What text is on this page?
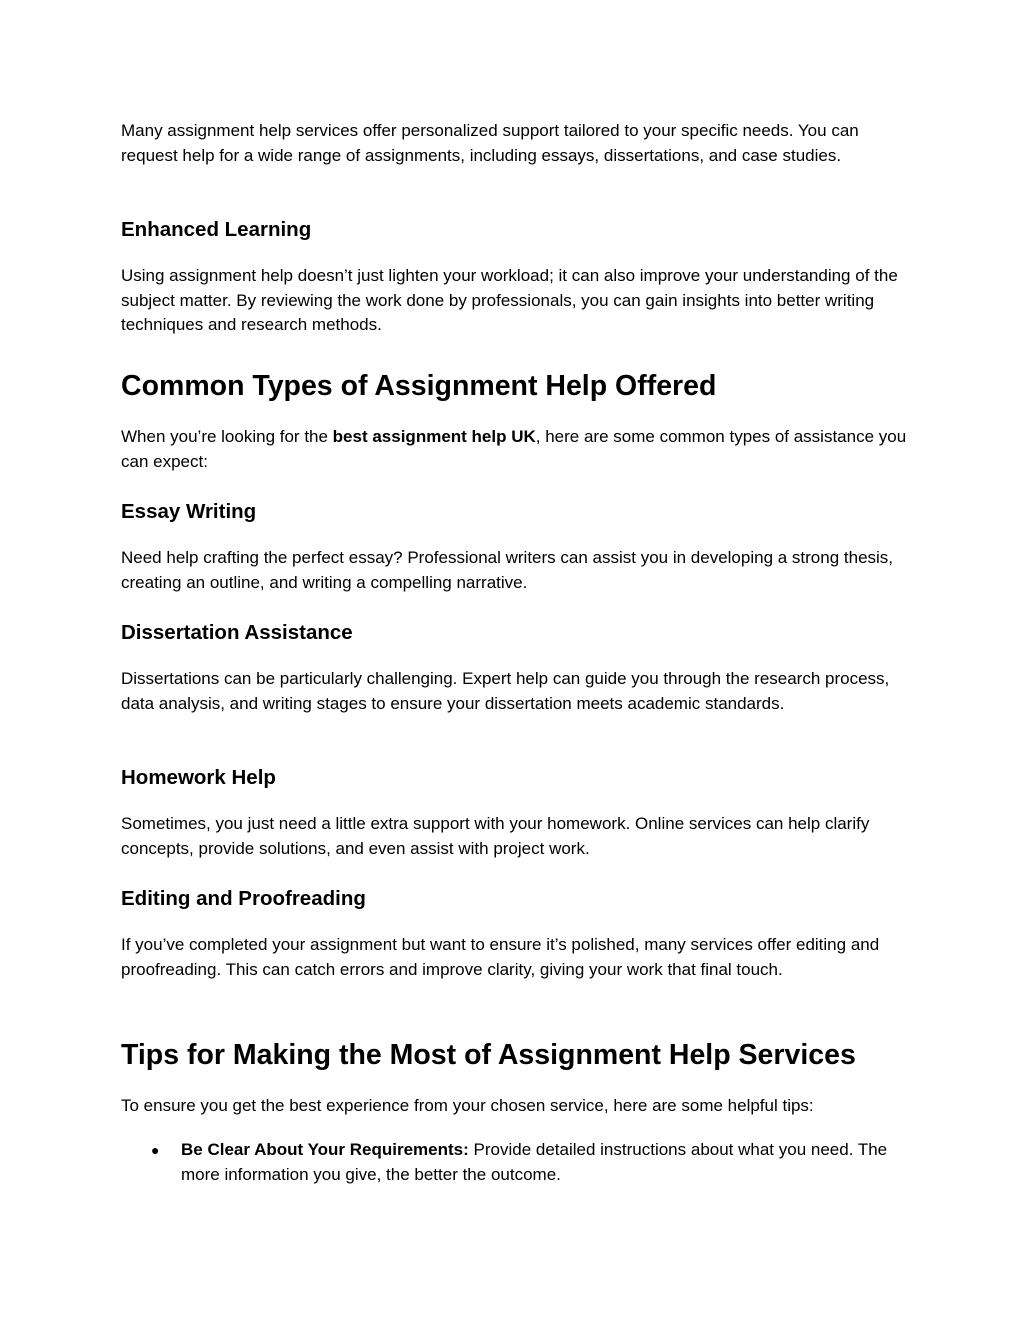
Many assignment help services offer personalized support tailored to your specific needs. You can request help for a wide range of assignments, including essays, dissertations, and case studies.

Enhanced Learning

Using assignment help doesn’t just lighten your workload; it can also improve your understanding of the subject matter. By reviewing the work done by professionals, you can gain insights into better writing techniques and research methods.

Common Types of Assignment Help Offered

When you’re looking for the best assignment help UK, here are some common types of assistance you can expect:

Essay Writing

Need help crafting the perfect essay? Professional writers can assist you in developing a strong thesis, creating an outline, and writing a compelling narrative.

Dissertation Assistance

Dissertations can be particularly challenging. Expert help can guide you through the research process, data analysis, and writing stages to ensure your dissertation meets academic standards.

Homework Help

Sometimes, you just need a little extra support with your homework. Online services can help clarify concepts, provide solutions, and even assist with project work.

Editing and Proofreading

If you’ve completed your assignment but want to ensure it’s polished, many services offer editing and proofreading. This can catch errors and improve clarity, giving your work that final touch.

Tips for Making the Most of Assignment Help Services

To ensure you get the best experience from your chosen service, here are some helpful tips:

● Be Clear About Your Requirements: Provide detailed instructions about what you need. The more information you give, the better the outcome.
